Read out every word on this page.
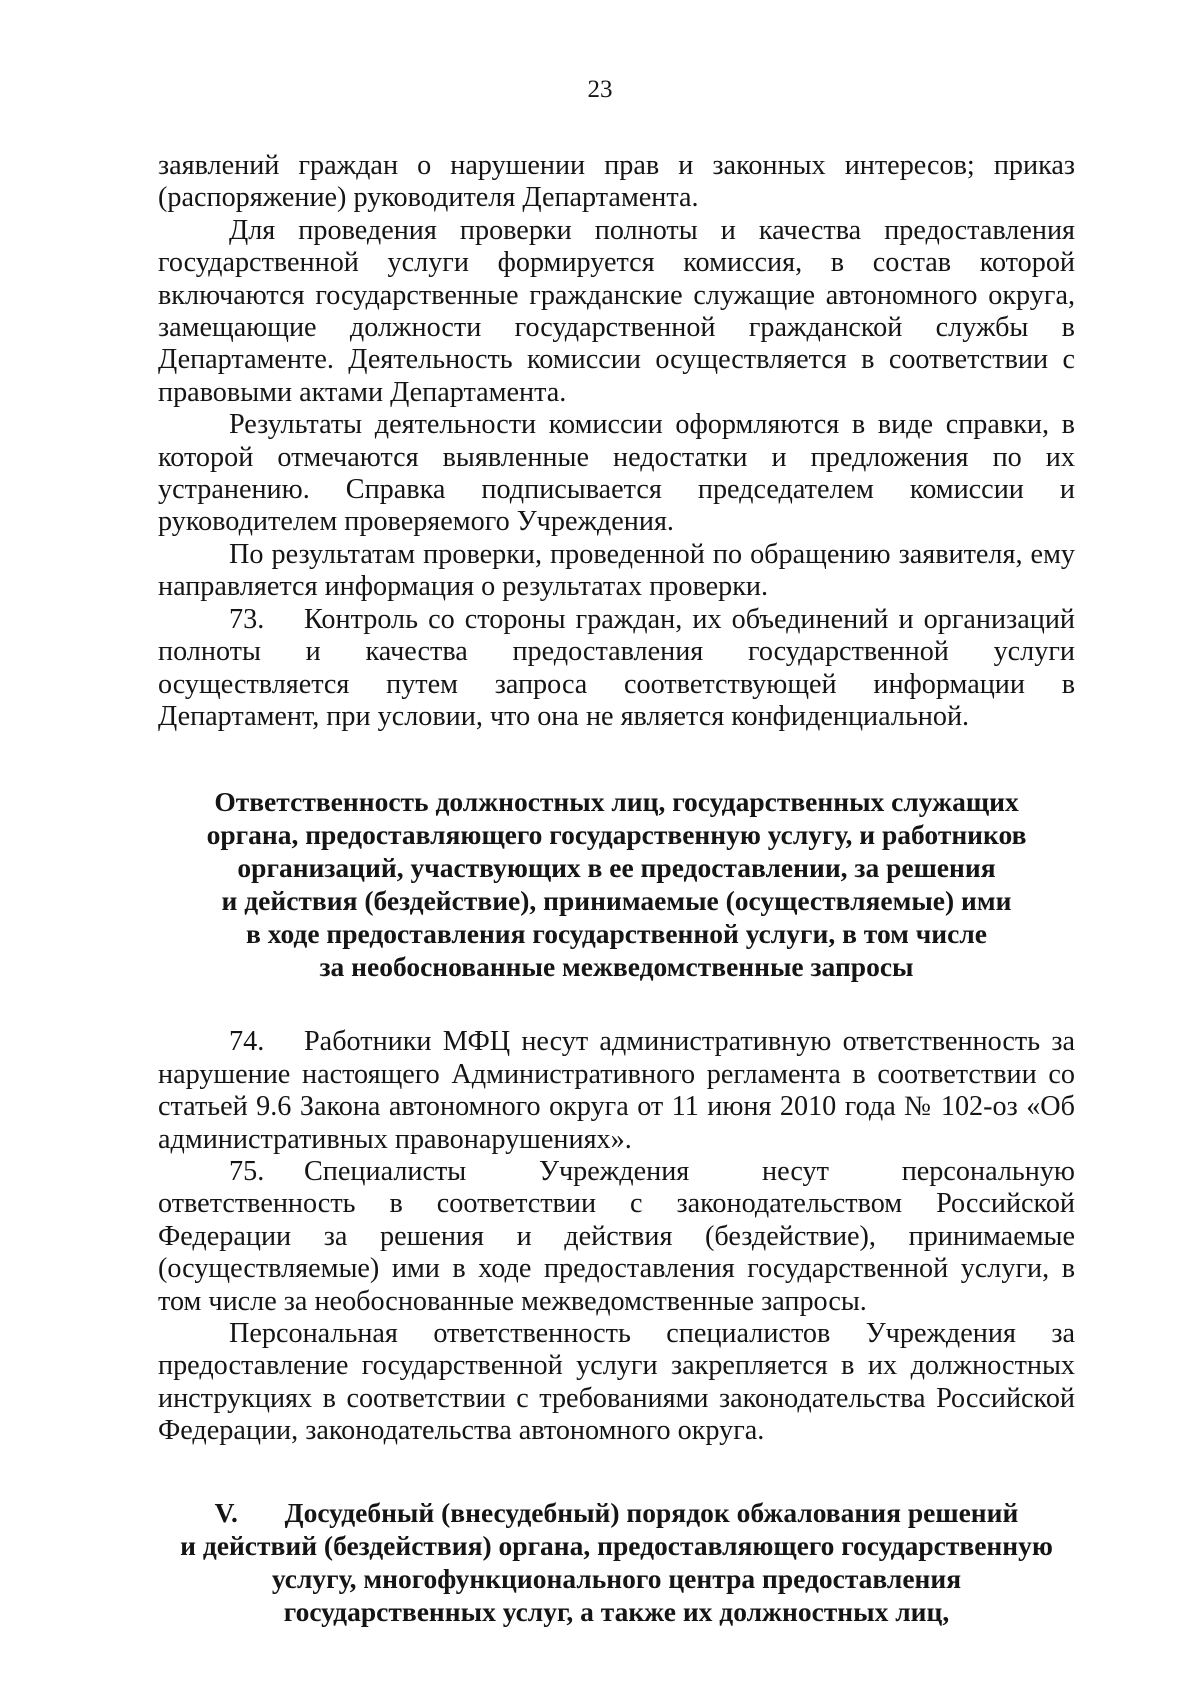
23

заявлений граждан о нарушении прав и законных интересов; приказ (распоряжение) руководителя Департамента.

Для проведения проверки полноты и качества предоставления государственной услуги формируется комиссия, в состав которой включаются государственные гражданские служащие автономного округа, замещающие должности государственной гражданской службы в Департаменте. Деятельность комиссии осуществляется в соответствии с правовыми актами Департамента.

Результаты деятельности комиссии оформляются в виде справки, в которой отмечаются выявленные недостатки и предложения по их устранению. Справка подписывается председателем комиссии и руководителем проверяемого Учреждения.

По результатам проверки, проведенной по обращению заявителя, ему направляется информация о результатах проверки.

73. Контроль со стороны граждан, их объединений и организаций полноты и качества предоставления государственной услуги осуществляется путем запроса соответствующей информации в Департамент, при условии, что она не является конфиденциальной.

Ответственность должностных лиц, государственных служащих
органа, предоставляющего государственную услугу, и работников
организаций, участвующих в ее предоставлении, за решения
и действия (бездействие), принимаемые (осуществляемые) ими
в ходе предоставления государственной услуги, в том числе
за необоснованные межведомственные запросы

74. Работники МФЦ несут административную ответственность за нарушение настоящего Административного регламента в соответствии со статьей 9.6 Закона автономного округа от 11 июня 2010 года № 102-оз «Об административных правонарушениях».

75. Специалисты Учреждения несут персональную ответственность в соответствии с законодательством Российской Федерации за решения и действия (бездействие), принимаемые (осуществляемые) ими в ходе предоставления государственной услуги, в том числе за необоснованные межведомственные запросы.

Персональная ответственность специалистов Учреждения за предоставление государственной услуги закрепляется в их должностных инструкциях в соответствии с требованиями законодательства Российской Федерации, законодательства автономного округа.

V. Досудебный (внесудебный) порядок обжалования решений
и действий (бездействия) органа, предоставляющего государственную
услугу, многофункционального центра предоставления
государственных услуг, а также их должностных лиц,
